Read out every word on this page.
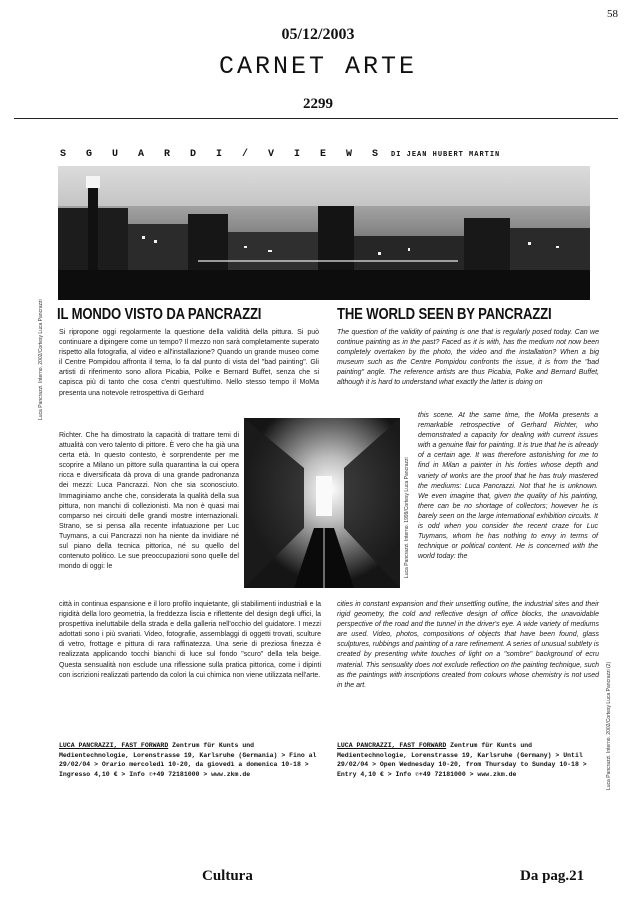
58
05/12/2003
CARNET ARTE
2299
S G U A R D I / V I E W S DI JEAN HUBERT MARTIN
Luca Pancrazzi. Interno. 2002/Cortesy Luca Pancrazzi IL MONDO VISTO DA PANCRAZZI	THE WORLD SEEN BY PANCRAZZI
Si ripropone oggi regolarmente la questione della validità della pittura. Si può continuare a dipingere come un tempo? Il mezzo non sarà completamente superato rispetto alla fotografia, al video e all'installazione? Quando un grande museo come il Centre Pompidou affronta il tema, lo fa dal punto di vista del "bad painting". Gli artisti di riferimento sono allora Picabia, Polke e Bernard Buffet, senza che si capisca più di tanto che cosa c'entri quest'ultimo. Nello stesso tempo il MoMa presenta una notevole retrospettiva di Gerhard
Richter. Che ha dimostrato la capacità di trattare temi di attualità con vero talento di pittore. È vero che ha già una certa età. In questo contesto, è sorprendente per me scoprire a Milano un pittore sulla quarantina la cui opera ricca e diversificata dà prova di una grande padronanza dei mezzi: Luca Pancrazzi. Non che sia sconosciuto. Immaginiamo anche che, considerata la qualità della sua pittura, non manchi di collezionisti. Ma non è quasi mai comparso nei circuiti delle grandi mostre internazionali. Strano, se si pensa alla recente infatuazione per Luc Tuymans, a cui Pancrazzi non ha niente da invidiare né sul piano della tecnica pittorica, né su quello del contenuto politico. Le sue preoccupazioni sono quelle del mondo di oggi: le
The question of the validity of painting is one that is regularly posed today. Can we continue painting as in the past? Faced as it is with, has the medium not now been completely overtaken by the photo, the video and the installation? When a big museum such as the Centre Pompidou confronts the issue, it is from the "bad painting" angle. The reference artists are thus Picabia, Polke and Bernard Buffet, although it is hard to understand what exactly the latter is doing on
this scene. At the same time, the MoMa presents a remarkable retrospective of Gerhard Richter, who demonstrated a capacity for dealing with current issues with a genuine flair for painting. It is true that he is already of a certain age. It was therefore astonishing for me to find in Milan a painter in his forties whose depth and variety of works are the proof that he has truly mastered the mediums: Luca Pancrazzi. Not that he is unknown. We even imagine that, given the quality of his painting, there can be no shortage of collectors; however he is barely seen on the large international exhibition circuits. It is odd when you consider the recent craze for Luc Tuymans, whom he has nothing to envy in terms of technique or political content. He is concerned with the world today: the
Luca Pancrazzi. Interno. 1999/Cortesy Luca Pancrazzi
città in continua espansione e il loro profilo inquietante, gli stabilimenti industriali e la rigidità della loro geometria, la freddezza liscia e riflettente del design degli uffici, la prospettiva ineluttabile della strada e della galleria nell'occhio del guidatore. I mezzi adottati sono i più svariati. Video, fotografie, assemblaggi di oggetti trovati, sculture di vetro, frottage e pittura di rara raffinatezza. Una serie di preziosa finezza è realizzata applicando tocchi bianchi di luce sul fondo "scuro" della tela beige. Questa sensualità non esclude una riflessione sulla pratica pittorica, come i dipinti con iscrizioni realizzati partendo da colori la cui chimica non viene utilizzata nell'arte.
cities in constant expansion and their unsettling outline, the industrial sites and their rigid geometry, the cold and reflective design of office blocks, the unavoidable perspective of the road and the tunnel in the driver's eye. A wide variety of mediums are used. Video, photos, compositions of objects that have been found, glass sculptures, rubbings and painting of a rare refinement. A series of unusual subtlety is created by presenting white touches of light on a "sombre" background of ecru material. This sensuality does not exclude reflection on the painting technique, such as the paintings with inscriptions created from colours whose chemistry is not used in the art.
LUCA PANCRAZZI, FAST FORWARD Zentrum für Kunts und Medientechnologie, Lorenstrasse 19, Karlsruhe (Germania) > Fino al 29/02/04 > Orario mercoledì 10-20, da giovedì a domenica 10-18 > Ingresso 4,10 € > Info ✆+49 72181000 > www.zkm.de
LUCA PANCRAZZI, FAST FORWARD Zentrum für Kunts und Medientechnologie, Lorenstrasse 19, Karlsruhe (Germany) > Until 29/02/04 > Open Wednesday 10-20, from Thursday to Sunday 10-18 > Entry 4,10 € > Info ✆+49 72181000 > www.zkm.de	Luca Pancrazzi. Interno. 2002/Cortesy Luca Pancrazzi (2)
Cultura	Da pag.21
